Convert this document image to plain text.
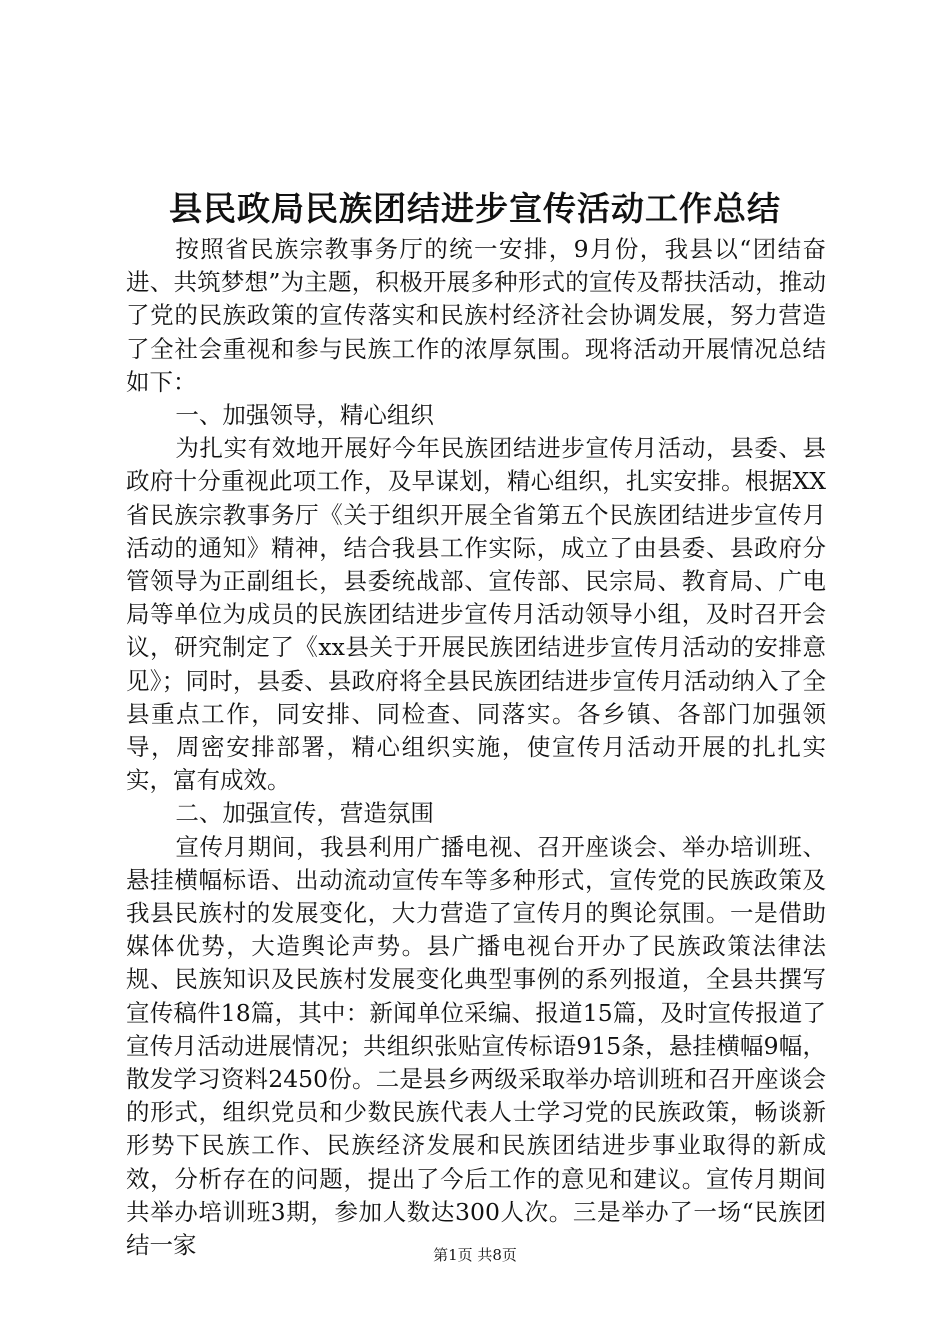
县民政局民族团结进步宣传活动工作总结

按照省民族宗教事务厅的统一安排，9月份，我县以“团结奋进、共筑梦想”为主题，积极开展多种形式的宣传及帮扶活动，推动了党的民族政策的宣传落实和民族村经济社会协调发展，努力营造了全社会重视和参与民族工作的浓厚氛围。现将活动开展情况总结如下：

一、加强领导，精心组织

为扎实有效地开展好今年民族团结进步宣传月活动，县委、县政府十分重视此项工作，及早谋划，精心组织，扎实安排。根据XX省民族宗教事务厅《关于组织开展全省第五个民族团结进步宣传月活动的通知》精神，结合我县工作实际，成立了由县委、县政府分管领导为正副组长，县委统战部、宣传部、民宗局、教育局、广电局等单位为成员的民族团结进步宣传月活动领导小组，及时召开会议，研究制定了《xx县关于开展民族团结进步宣传月活动的安排意见》；同时，县委、县政府将全县民族团结进步宣传月活动纳入了全县重点工作，同安排、同检查、同落实。各乡镇、各部门加强领导，周密安排部署，精心组织实施，使宣传月活动开展的扎扎实实，富有成效。

二、加强宣传，营造氛围

宣传月期间，我县利用广播电视、召开座谈会、举办培训班、悬挂横幅标语、出动流动宣传车等多种形式，宣传党的民族政策及我县民族村的发展变化，大力营造了宣传月的舆论氛围。一是借助媒体优势，大造舆论声势。县广播电视台开办了民族政策法律法规、民族知识及民族村发展变化典型事例的系列报道，全县共撰写宣传稿件18篇，其中：新闻单位采编、报道15篇，及时宣传报道了宣传月活动进展情况；共组织张贴宣传标语915条，悬挂横幅9幅，散发学习资料2450份。二是县乡两级采取举办培训班和召开座谈会的形式，组织党员和少数民族代表人士学习党的民族政策，畅谈新形势下民族工作、民族经济发展和民族团结进步事业取得的新成效，分析存在的问题，提出了今后工作的意见和建议。宣传月期间共举办培训班3期，参加人数达300人次。三是举办了一场“民族团结一家	第1页 共8页
